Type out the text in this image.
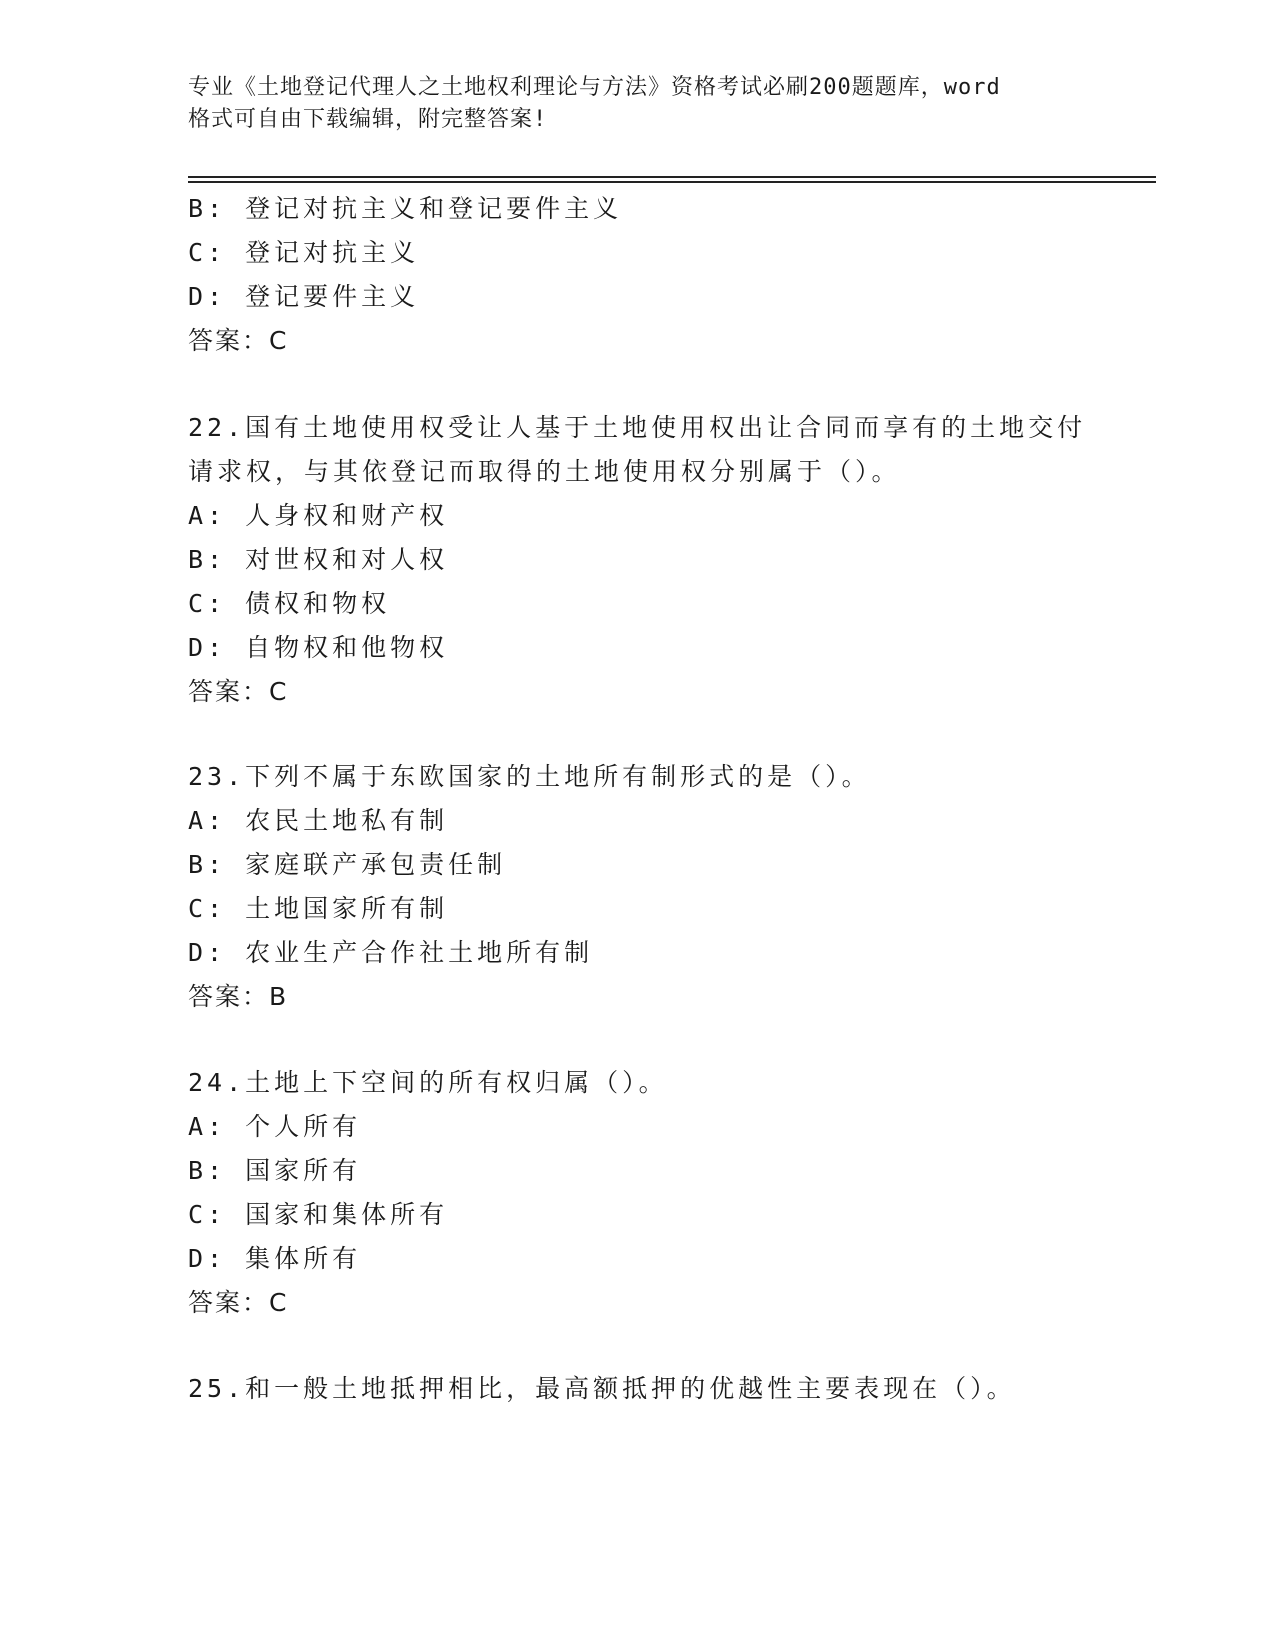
专业《土地登记代理人之土地权利理论与方法》资格考试必刷200题题库，word
格式可自由下载编辑，附完整答案!
B: 登记对抗主义和登记要件主义
C: 登记对抗主义
D: 登记要件主义
答案：C
22.国有土地使用权受让人基于土地使用权出让合同而享有的土地交付
请求权，与其依登记而取得的土地使用权分别属于（）。
A: 人身权和财产权
B: 对世权和对人权
C: 债权和物权
D: 自物权和他物权
答案：C
23.下列不属于东欧国家的土地所有制形式的是（）。
A: 农民土地私有制
B: 家庭联产承包责任制
C: 土地国家所有制
D: 农业生产合作社土地所有制
答案：B
24.土地上下空间的所有权归属（）。
A: 个人所有
B: 国家所有
C: 国家和集体所有
D: 集体所有
答案：C
25.和一般土地抵押相比，最高额抵押的优越性主要表现在（）。
